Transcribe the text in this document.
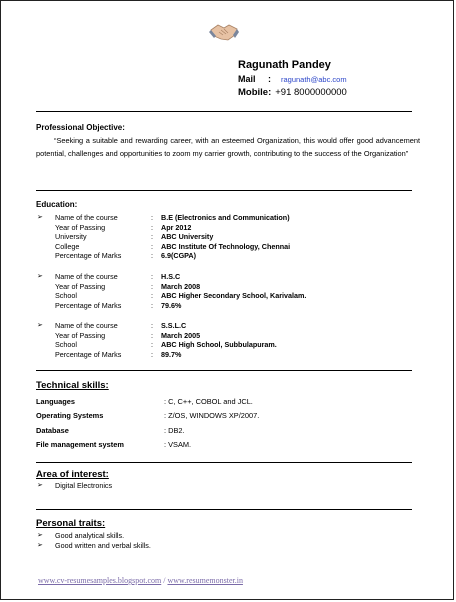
Ragunath Pandey
Mail	:	ragunath@abc.com
Mobile: +91 8000000000
Professional Objective:
“Seeking a suitable and rewarding career, with an esteemed Organization, this would offer good advancement potential, challenges and opportunities to zoom my carrier growth, contributing to the success of the Organization”
Education:
➢	Name of the course	:	B.E (Electronics and Communication)
Year of Passing	:	Apr 2012
University	:	ABC University
College	:	ABC Institute Of Technology, Chennai
Percentage of Marks	:	6.9(CGPA)
➢	Name of the course	:	H.S.C
Year of Passing	:	March 2008
School	:	ABC Higher Secondary School, Karivalam.
Percentage of Marks	:	79.6%
➢	Name of the course	:	S.S.L.C
Year of Passing	:	March 2005
School	:	ABC High School, Subbulapuram.
Percentage of Marks	:	89.7%
Technical skills:
Languages	: C, C++, COBOL and JCL.
Operating Systems	: Z/OS, WINDOWS XP/2007.
Database	: DB2.
File management system	: VSAM.
Area of interest:
➢	Digital Electronics
Personal traits:
➢	Good analytical skills.
➢	Good written and verbal skills.
www.cv-resumesamples.blogspot.com / www.resumemonster.in
